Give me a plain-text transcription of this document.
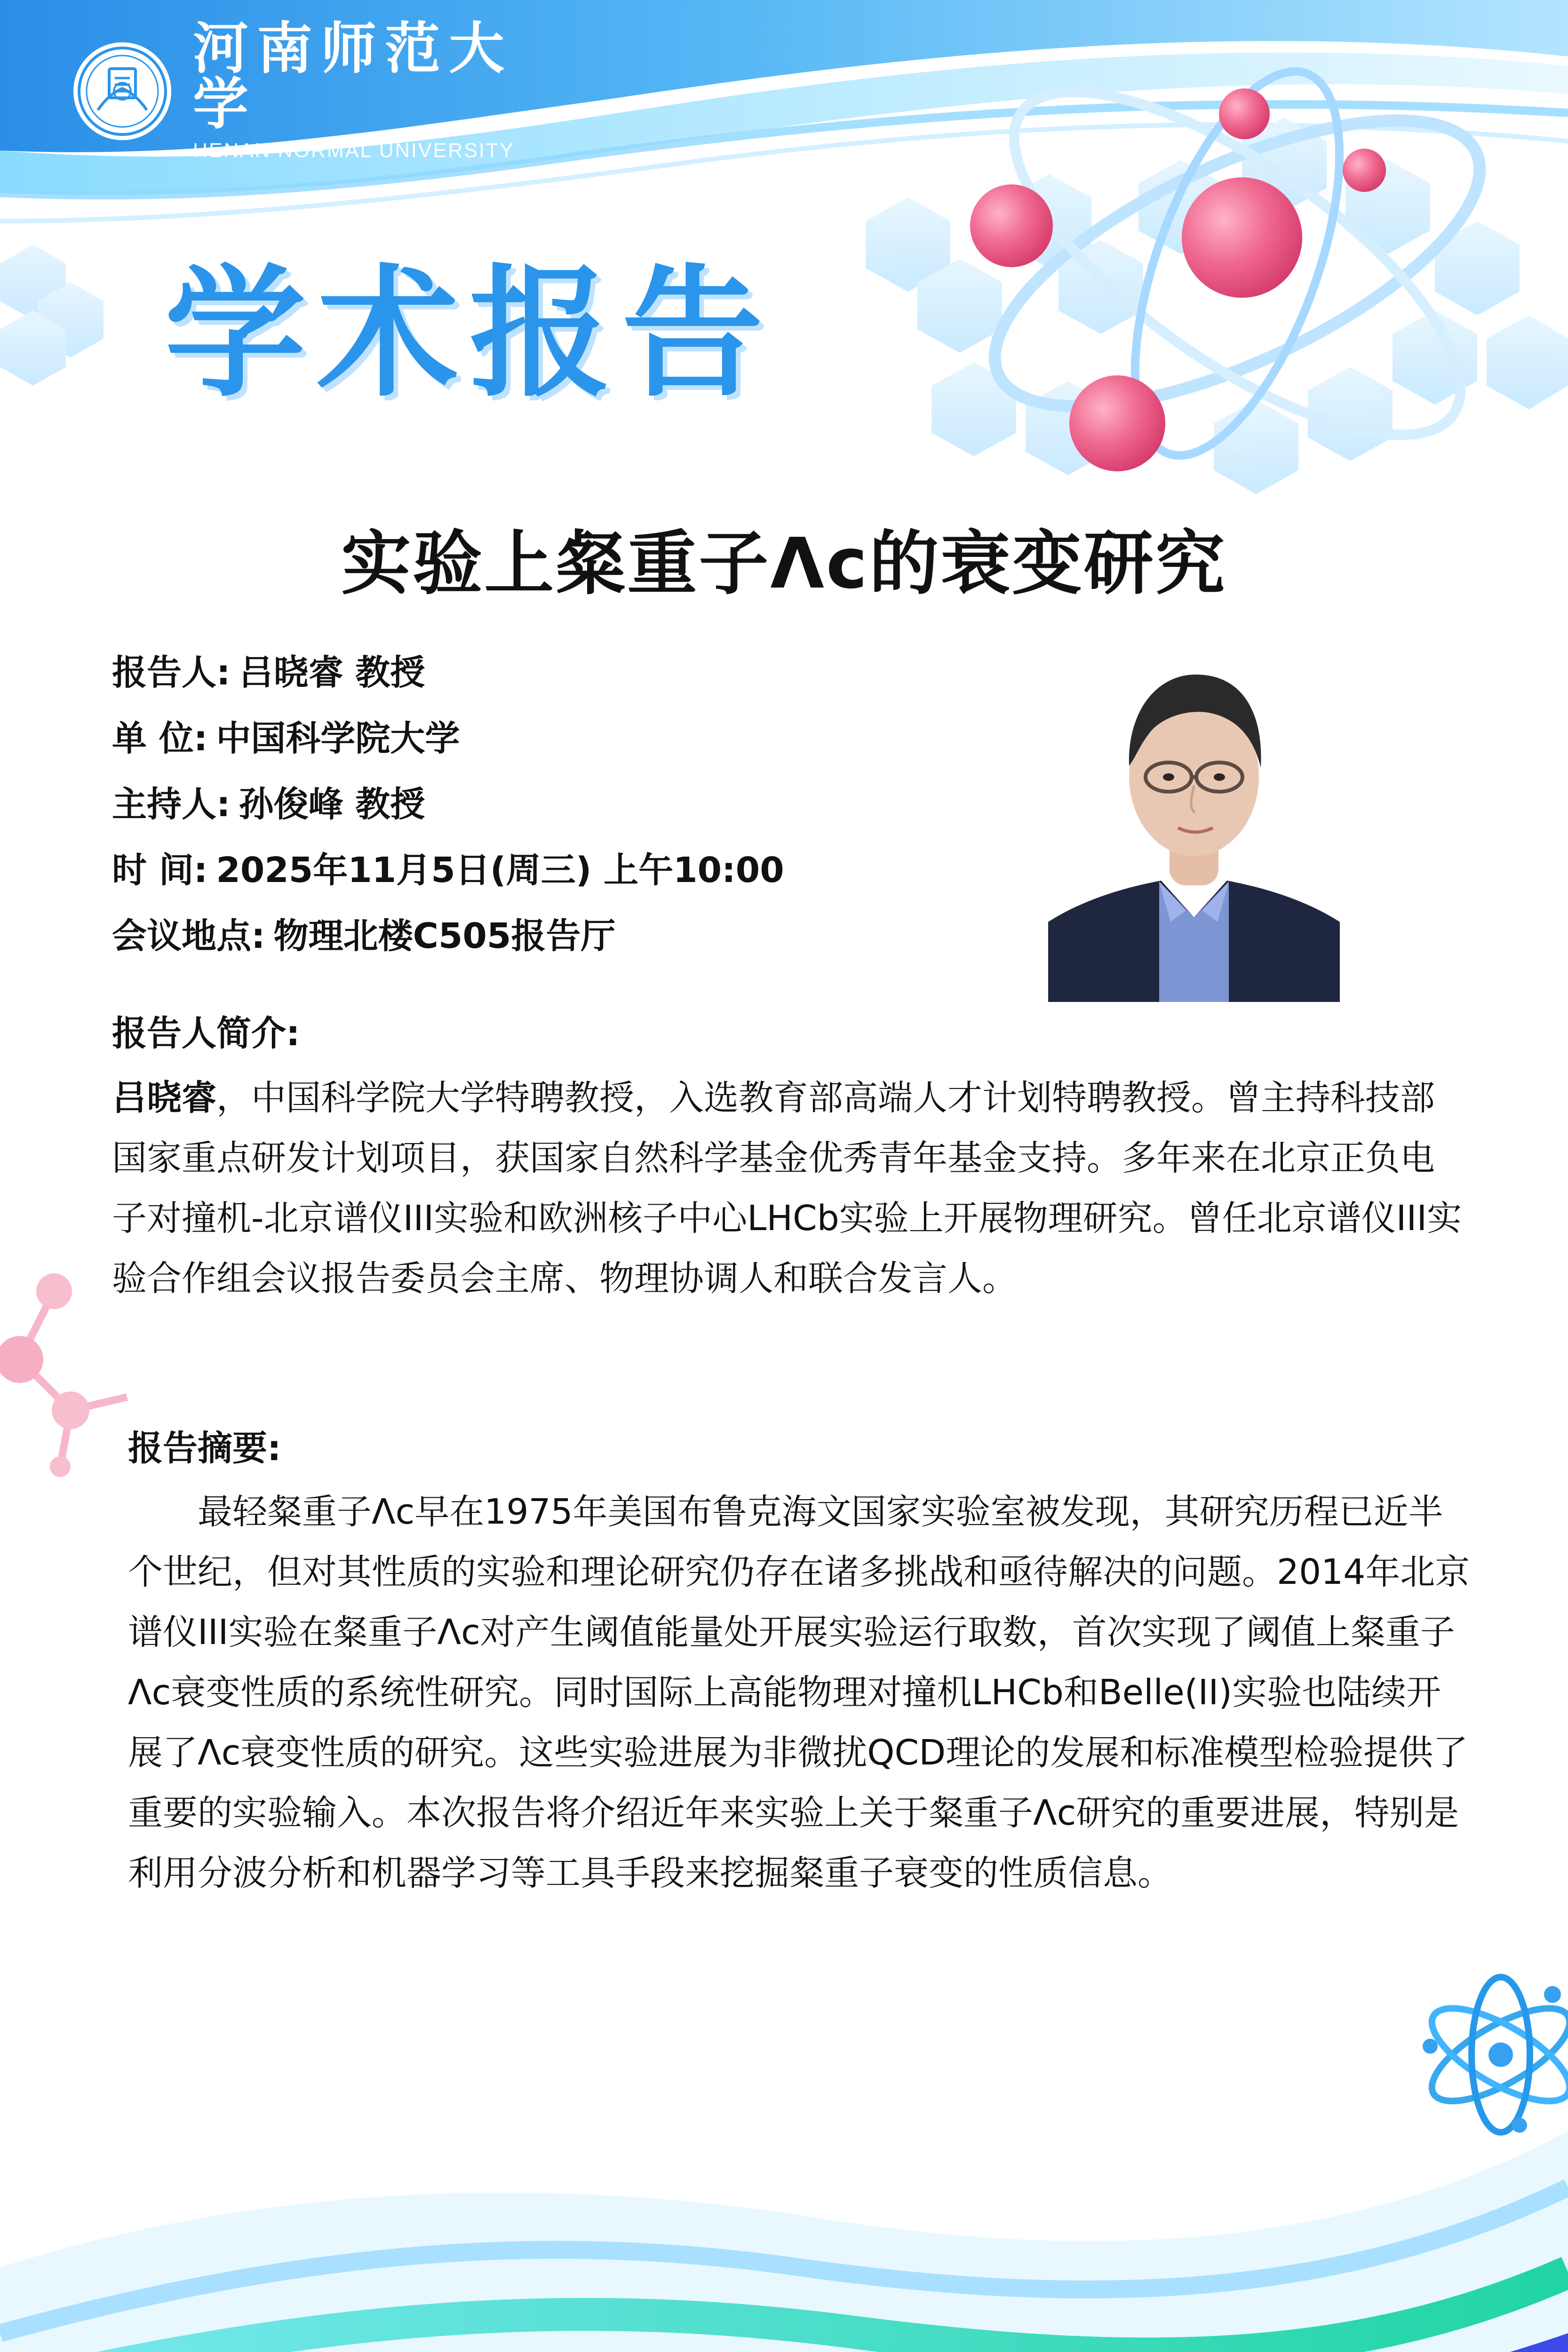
河南师范大学
HENAN NORMAL UNIVERSITY
学术报告
实验上粲重子Λc的衰变研究
报告人: 吕晓睿 教授
单 位: 中国科学院大学
主持人: 孙俊峰 教授
时 间: 2025年11月5日(周三) 上午10:00
会议地点: 物理北楼C505报告厅
报告人简介:
吕晓睿，中国科学院大学特聘教授，入选教育部高端人才计划特聘教授。曾主持科技部国家重点研发计划项目，获国家自然科学基金优秀青年基金支持。多年来在北京正负电子对撞机-北京谱仪III实验和欧洲核子中心LHCb实验上开展物理研究。曾任北京谱仪III实验合作组会议报告委员会主席、物理协调人和联合发言人。
报告摘要:
最轻粲重子Λc早在1975年美国布鲁克海文国家实验室被发现，其研究历程已近半个世纪，但对其性质的实验和理论研究仍存在诸多挑战和亟待解决的问题。2014年北京谱仪III实验在粲重子Λc对产生阈值能量处开展实验运行取数，首次实现了阈值上粲重子Λc衰变性质的系统性研究。同时国际上高能物理对撞机LHCb和Belle(II)实验也陆续开展了Λc衰变性质的研究。这些实验进展为非微扰QCD理论的发展和标准模型检验提供了重要的实验输入。本次报告将介绍近年来实验上关于粲重子Λc研究的重要进展，特别是利用分波分析和机器学习等工具手段来挖掘粲重子衰变的性质信息。
